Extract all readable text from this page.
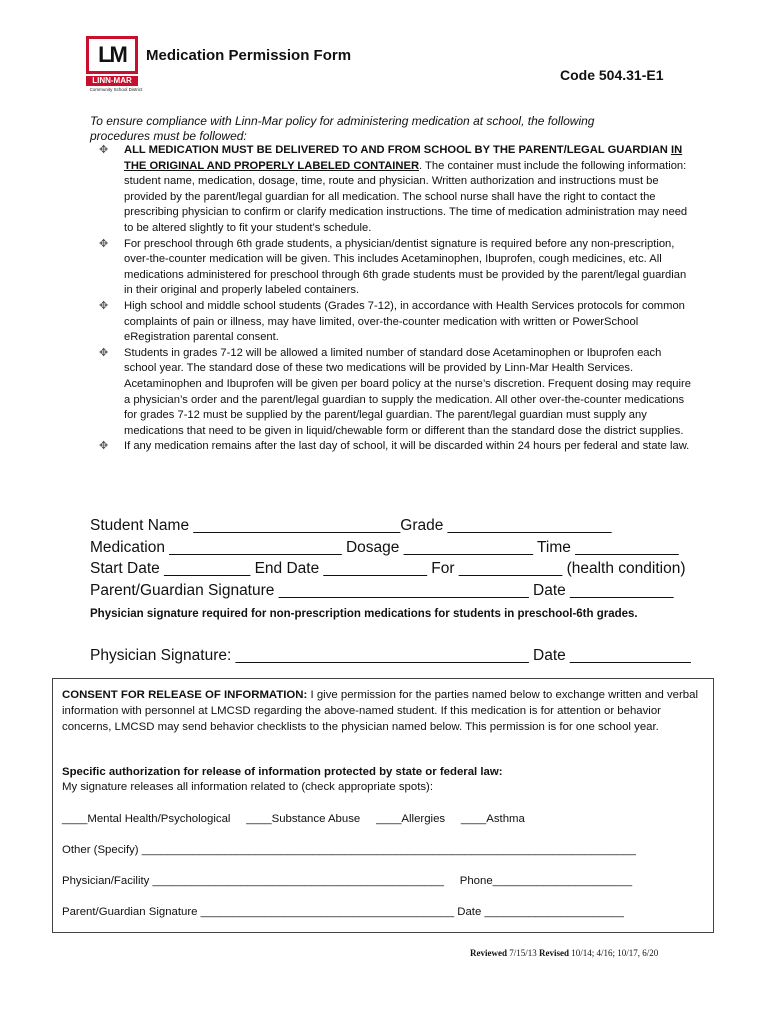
LM
LINN-MAR
Community School District
Medication Permission Form
Code 504.31-E1
To ensure compliance with Linn-Mar policy for administering medication at school, the following procedures must be followed:
✥	ALL MEDICATION MUST BE DELIVERED TO AND FROM SCHOOL BY THE PARENT/LEGAL GUARDIAN IN THE ORIGINAL AND PROPERLY LABELED CONTAINER. The container must include the following information: student name, medication, dosage, time, route and physician. Written authorization and instructions must be provided by the parent/legal guardian for all medication. The school nurse shall have the right to contact the prescribing physician to confirm or clarify medication instructions. The time of medication administration may need to be altered slightly to fit your student’s schedule.
✥	For preschool through 6th grade students, a physician/dentist signature is required before any non-prescription, over-the-counter medication will be given. This includes Acetaminophen, Ibuprofen, cough medicines, etc. All medications administered for preschool through 6th grade students must be provided by the parent/legal guardian in their original and properly labeled containers.
✥	High school and middle school students (Grades 7-12), in accordance with Health Services protocols for common complaints of pain or illness, may have limited, over-the-counter medication with written or PowerSchool eRegistration parental consent.
✥	Students in grades 7-12 will be allowed a limited number of standard dose Acetaminophen or Ibuprofen each school year. The standard dose of these two medications will be provided by Linn-Mar Health Services. Acetaminophen and Ibuprofen will be given per board policy at the nurse’s discretion. Frequent dosing may require a physician’s order and the parent/legal guardian to supply the medication. All other over-the-counter medications for grades 7-12 must be supplied by the parent/legal guardian. The parent/legal guardian must supply any medications that need to be given in liquid/chewable form or different than the standard dose the district supplies.
✥	If any medication remains after the last day of school, it will be discarded within 24 hours per federal and state law.
Student Name ________________________Grade ___________________
Medication ____________________ Dosage _______________ Time ____________
Start Date __________ End Date ____________ For ____________ (health condition)
Parent/Guardian Signature _____________________________ Date ____________
Physician signature required for non-prescription medications for students in preschool-6th grades.
Physician Signature: __________________________________ Date ______________
CONSENT FOR RELEASE OF INFORMATION: I give permission for the parties named below to exchange written and verbal information with personnel at LMCSD regarding the above-named student. If this medication is for attention or behavior concerns, LMCSD may send behavior checklists to the physician named below. This permission is for one school year.
Specific authorization for release of information protected by state or federal law:
My signature releases all information related to (check appropriate spots):
____Mental Health/Psychological     ____Substance Abuse     ____Allergies     ____Asthma
Other (Specify) ______________________________________________________________________________
Physician/Facility ______________________________________________     Phone______________________
Parent/Guardian Signature ________________________________________ Date ______________________
Reviewed 7/15/13 Revised 10/14; 4/16; 10/17, 6/20
